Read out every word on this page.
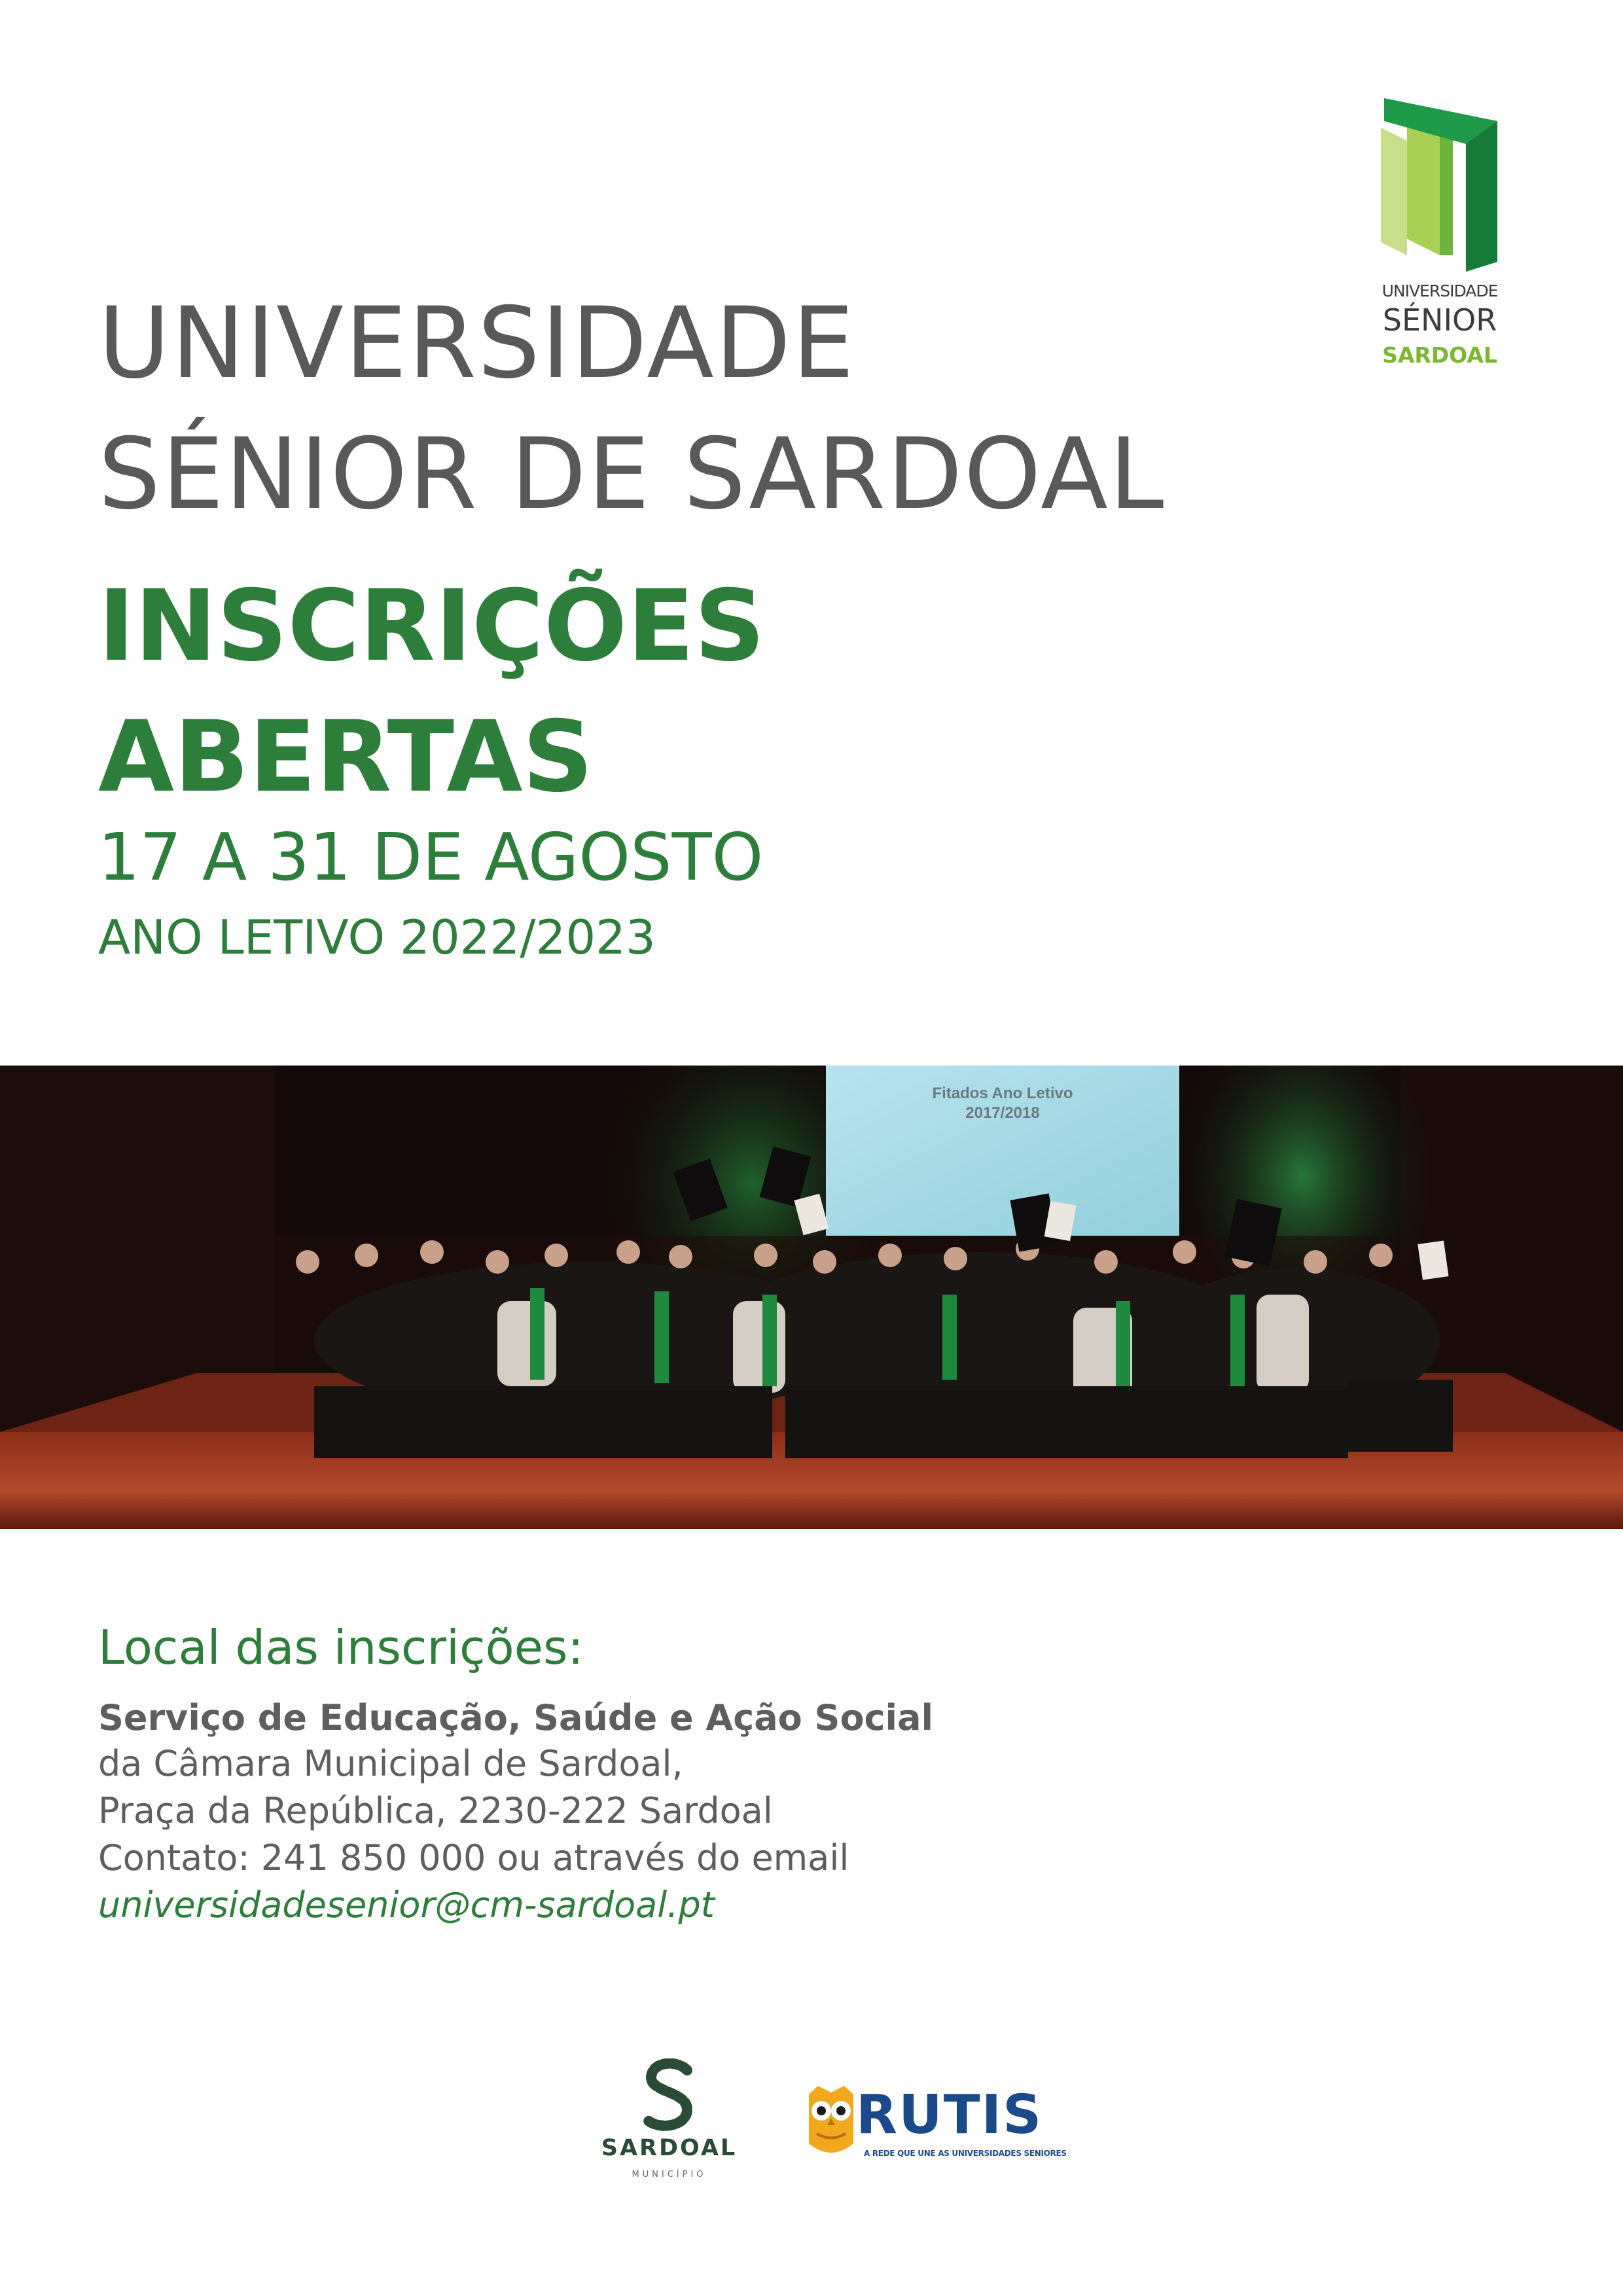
UNIVERSIDADE
SÉNIOR
SARDOAL
UNIVERSIDADE
SÉNIOR DE SARDOAL
INSCRIÇÕES
ABERTAS
17 A 31 DE AGOSTO
ANO LETIVO 2022/2023
Fitados Ano Letivo
2017/2018
Local das inscrições:
Serviço de Educação, Saúde e Ação Social
da Câmara Municipal de Sardoal,
Praça da República, 2230-222 Sardoal
Contato: 241 850 000 ou através do email
universidadesenior@cm-sardoal.pt
SARDOAL
MUNICÍPIO
RUTIS
A REDE QUE UNE AS UNIVERSIDADES SENIORES
